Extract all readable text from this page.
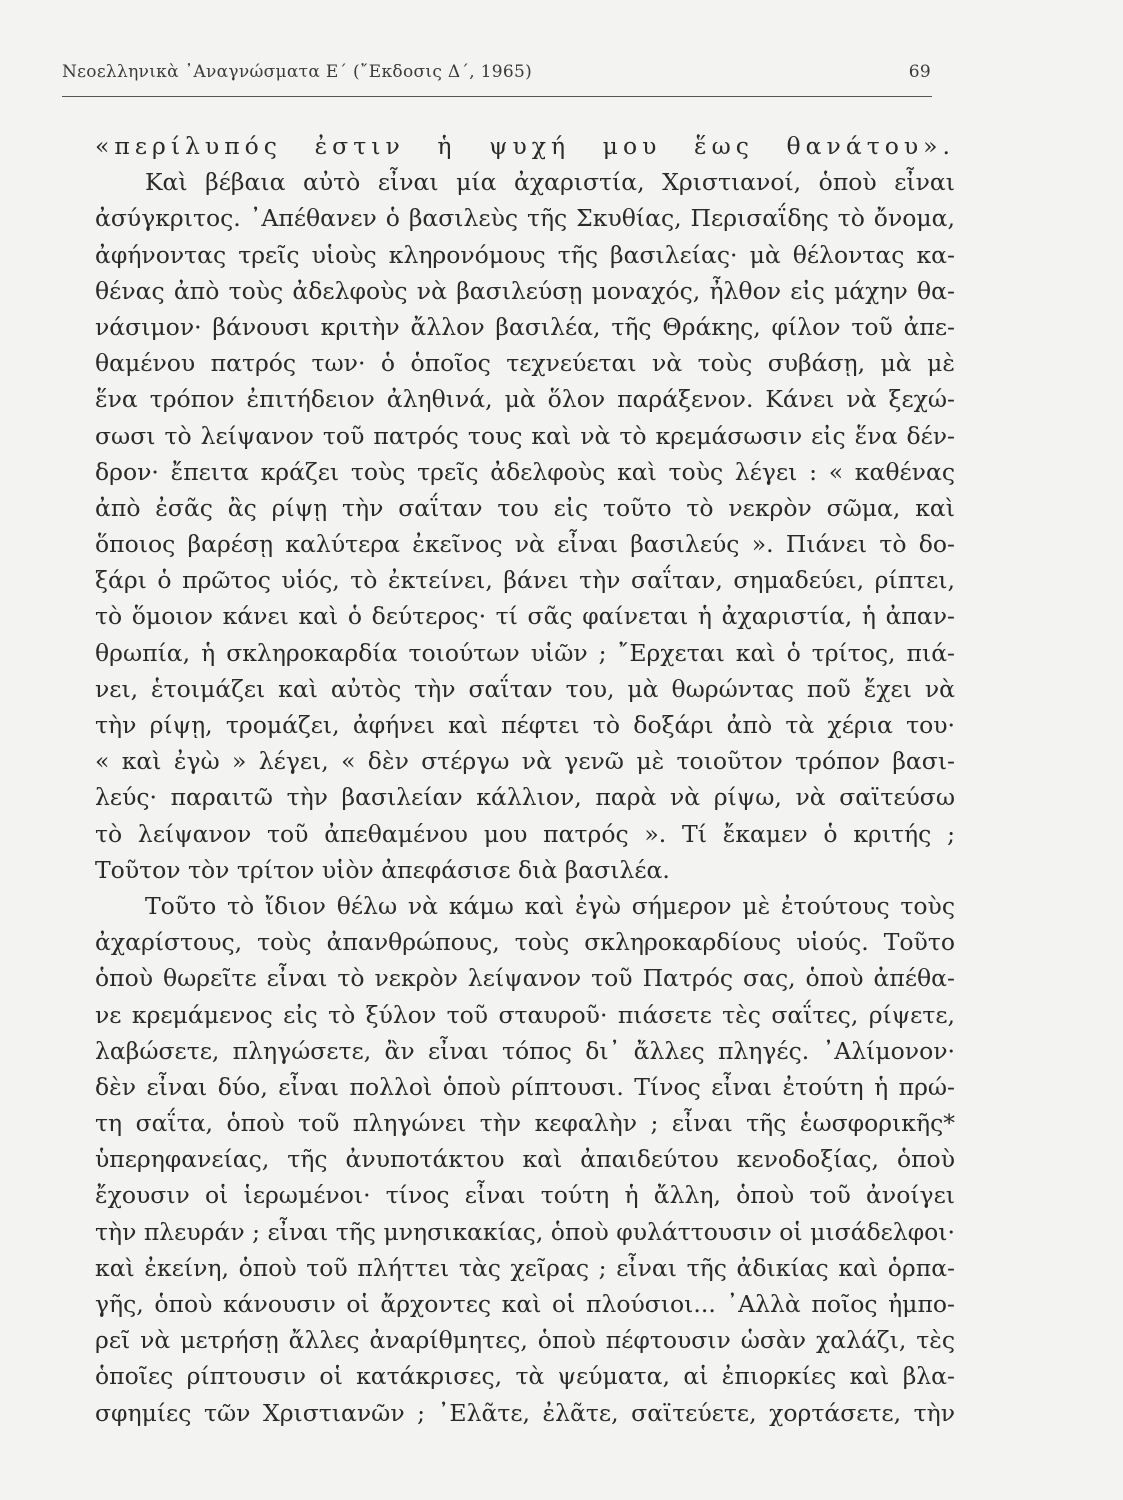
Νεοελληνικὰ ᾿Αναγνώσματα Ε΄ (῎Εκδοσις Δ΄, 1965)	69
«περίλυπός ἐστιν ἡ ψυχή μου ἕως θανάτου».
Καὶ βέβαια αὐτὸ εἶναι μία ἀχαριστία, Χριστιανοί, ὁποὺ εἶναι
ἀσύγκριτος. ᾿Απέθανεν ὁ βασιλεὺς τῆς Σκυθίας, Περισαΐδης τὸ ὄνομα,
ἀφήνοντας τρεῖς υἱοὺς κληρονόμους τῆς βασιλείας· μὰ θέλοντας κα-
θένας ἀπὸ τοὺς ἀδελφοὺς νὰ βασιλεύσῃ μοναχός, ἦλθον εἰς μάχην θα-
νάσιμον· βάνουσι κριτὴν ἄλλον βασιλέα, τῆς Θράκης, φίλον τοῦ ἀπε-
θαμένου πατρός των· ὁ ὁποῖος τεχνεύεται νὰ τοὺς συβάσῃ, μὰ μὲ
ἕνα τρόπον ἐπιτήδειον ἀληθινά, μὰ ὅλον παράξενον. Κάνει νὰ ξεχώ-
σωσι τὸ λείψανον τοῦ πατρός τους καὶ νὰ τὸ κρεμάσωσιν εἰς ἕνα δέν-
δρον· ἔπειτα κράζει τοὺς τρεῖς ἀδελφοὺς καὶ τοὺς λέγει : « καθένας
ἀπὸ ἐσᾶς ἂς ρίψῃ τὴν σαΐταν του εἰς τοῦτο τὸ νεκρὸν σῶμα, καὶ
ὅποιος βαρέσῃ καλύτερα ἐκεῖνος νὰ εἶναι βασιλεύς ». Πιάνει τὸ δο-
ξάρι ὁ πρῶτος υἱός, τὸ ἐκτείνει, βάνει τὴν σαΐταν, σημαδεύει, ρίπτει,
τὸ ὅμοιον κάνει καὶ ὁ δεύτερος· τί σᾶς φαίνεται ἡ ἀχαριστία, ἡ ἀπαν-
θρωπία, ἡ σκληροκαρδία τοιούτων υἱῶν ; ῎Ερχεται καὶ ὁ τρίτος, πιά-
νει, ἑτοιμάζει καὶ αὐτὸς τὴν σαΐταν του, μὰ θωρώντας ποῦ ἔχει νὰ
τὴν ρίψῃ, τρομάζει, ἀφήνει καὶ πέφτει τὸ δοξάρι ἀπὸ τὰ χέρια του·
« καὶ ἐγὼ » λέγει, « δὲν στέργω νὰ γενῶ μὲ τοιοῦτον τρόπον βασι-
λεύς· παραιτῶ τὴν βασιλείαν κάλλιον, παρὰ νὰ ρίψω, νὰ σαϊτεύσω
τὸ λείψανον τοῦ ἀπεθαμένου μου πατρός ». Τί ἔκαμεν ὁ κριτής ;
Τοῦτον τὸν τρίτον υἱὸν ἀπεφάσισε διὰ βασιλέα.
Τοῦτο τὸ ἴδιον θέλω νὰ κάμω καὶ ἐγὼ σήμερον μὲ ἐτούτους τοὺς
ἀχαρίστους, τοὺς ἀπανθρώπους, τοὺς σκληροκαρδίους υἱούς. Τοῦτο
ὁποὺ θωρεῖτε εἶναι τὸ νεκρὸν λείψανον τοῦ Πατρός σας, ὁποὺ ἀπέθα-
νε κρεμάμενος εἰς τὸ ξύλον τοῦ σταυροῦ· πιάσετε τὲς σαΐτες, ρίψετε,
λαβώσετε, πληγώσετε, ἂν εἶναι τόπος δι᾿ ἄλλες πληγές. ᾿Αλίμονον·
δὲν εἶναι δύο, εἶναι πολλοὶ ὁποὺ ρίπτουσι. Τίνος εἶναι ἐτούτη ἡ πρώ-
τη σαΐτα, ὁποὺ τοῦ πληγώνει τὴν κεφαλὴν ; εἶναι τῆς ἑωσφορικῆς*
ὑπερηφανείας, τῆς ἀνυποτάκτου καὶ ἀπαιδεύτου κενοδοξίας, ὁποὺ
ἔχουσιν οἱ ἱερωμένοι· τίνος εἶναι τούτη ἡ ἄλλη, ὁποὺ τοῦ ἀνοίγει
τὴν πλευράν ; εἶναι τῆς μνησικακίας, ὁποὺ φυλάττουσιν οἱ μισάδελφοι·
καὶ ἐκείνη, ὁποὺ τοῦ πλήττει τὰς χεῖρας ; εἶναι τῆς ἀδικίας καὶ ὁρπα-
γῆς, ὁποὺ κάνουσιν οἱ ἄρχοντες καὶ οἱ πλούσιοι... ᾿Αλλὰ ποῖος ἠμπο-
ρεῖ νὰ μετρήσῃ ἄλλες ἀναρίθμητες, ὁποὺ πέφτουσιν ὡσὰν χαλάζι, τὲς
ὁποῖες ρίπτουσιν οἱ κατάκρισες, τὰ ψεύματα, αἱ ἐπιορκίες καὶ βλα-
σφημίες τῶν Χριστιανῶν ; ᾿Ελᾶτε, ἐλᾶτε, σαϊτεύετε, χορτάσετε, τὴν
